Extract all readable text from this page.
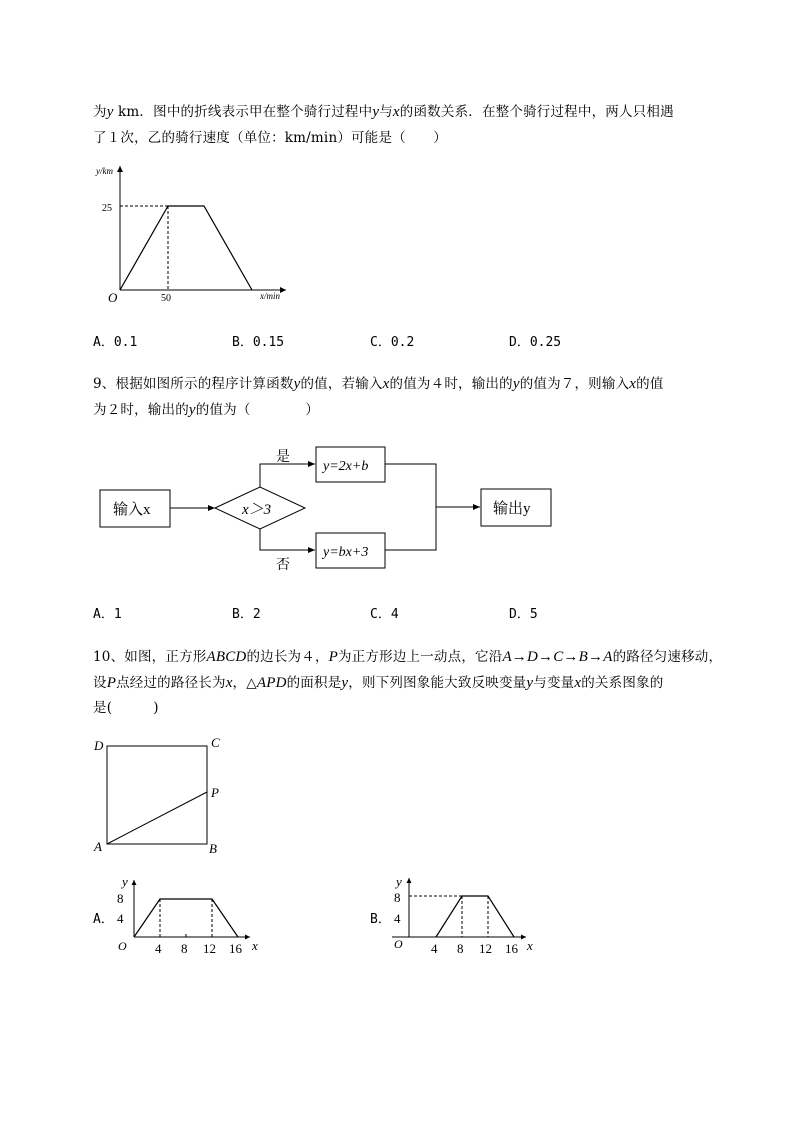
为y km．图中的折线表示甲在整个骑行过程中y与x的函数关系．在整个骑行过程中，两人只相遇
了１次，乙的骑行速度（单位：km/min）可能是（　　）
y/km
x/min
O
25
50
A．0.1	B．0.15	C．0.2	D．0.25
9、根据如图所示的程序计算函数y的值，若输入x的值为４时，输出的y的值为７，则输入x的值
为２时，输出的y的值为（　　　　）
输入x	x＞3
是
y=2x+b
否
y=bx+3
输出y
A．1	B．2	C．4	D．5
10、如图，正方形ABCD的边长为４，P为正方形边上一动点，它沿A→D→C→B→A的路径匀速移动，
设P点经过的路径长为x，△APD的面积是y，则下列图象能大致反映变量y与变量x的关系图象的
是(　　　)
D	C
P
A	B
A．	B．
y
8
4
O 4 8 12 16 x
y
8
4
O 4 8 12 16 x
